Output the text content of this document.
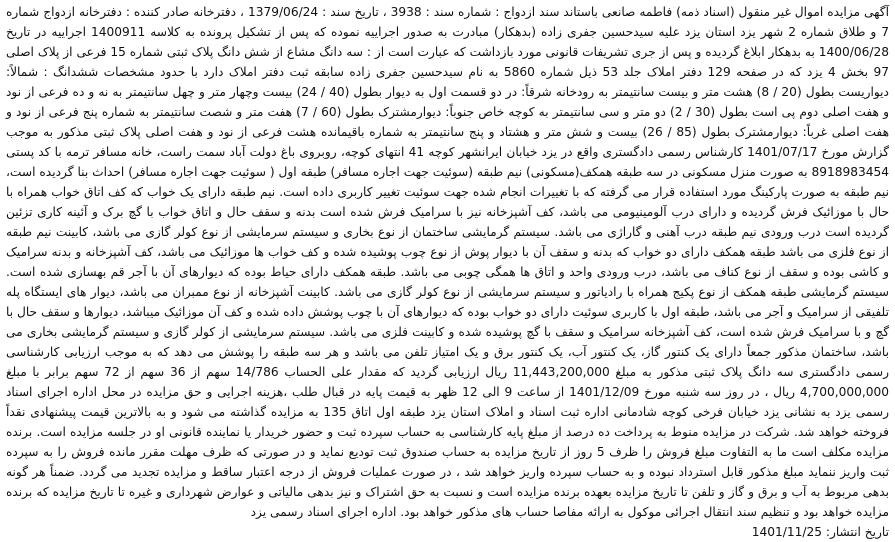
آگهی مزایده اموال غیر منقول (اسناد ذمه) فاطمه صانعی باستاند سند ازدواج : شماره سند : 3938 ، تاریخ سند : 1379/06/24 ، دفترخانه صادر کننده : دفترخانه ازدواج شماره 7 و طلاق شماره 2 شهر یزد استان یزد علیه سیدحسین جفری زاده (بدهکار) مبادرت به صدور اجراییه نموده که پس از تشکیل پرونده به کلاسه 1400911 اجراییه در تاریخ 1400/06/28 به بدهکار ابلاغ گردیده و پس از جری تشریفات قانونی مورد بازداشت که عبارت است از : سه دانگ مشاع از شش دانگ پلاک ثبتی شماره 15 فرعی از پلاک اصلی 97 بخش 4 یزد که در صفحه 129 دفتر املاک جلد 53 ذیل شماره 5860 به نام سیدحسین جفری زاده سابقه ثبت دفتر املاک دارد با حدود مشخصات ششدانگ : شمالاً: دیواریست بطول (20 / 8) هشت متر و بیست سانتیمتر به رودخانه شرقاً: در دو قسمت اول به دیوار بطول (40 / 24) بیست وچهار متر و چهل سانتیمتر به نه و ده فرعی از نود و هفت اصلی دوم پی است بطول (30 / 2) دو متر و سی سانتیمتر به کوچه خاص جنوباً: دیوارمشترک بطول (60 / 7) هفت متر و شصت سانتیمتر به شماره پنج فرعی از نود و هفت اصلی غرباً: دیوارمشترک بطول (85 / 26) بیست و شش متر و هشتاد و پنج سانتیمتر به شماره باقیمانده هشت فرعی از نود و هفت اصلی پلاک ثبتی مذکور به موجب گزارش مورخ 1401/07/17 کارشناس رسمی دادگستری واقع در یزد خیابان ایرانشهر کوچه 41 انتهای کوچه، روبروی باغ دولت آباد سمت راست، خانه مسافر ترمه با کد پستی 8918983454 به صورت منزل مسکونی در سه طبقه همکف(مسکونی) نیم طبقه (سوئیت جهت اجاره مسافر) طبقه اول ( سوئیت جهت اجاره مسافر) احداث بنا گردیده است، نیم طبقه به صورت پارکینگ مورد استفاده قرار می گرفته که با تغییرات انجام شده جهت سوئیت تغییر کاربری داده است. نیم طبقه دارای یک خواب که کف اتاق خواب همراه با حال با موزائیک فرش گردیده و دارای درب آلومینیومی می باشد، کف آشپزخانه نیز با سرامیک فرش شده است بدنه و سقف حال و اتاق خواب با گچ برک و آئینه کاری تزئین گردیده است درب ورودی نیم طبقه درب آهنی و گاراژی می باشد. سیستم گرمایشی ساختمان از نوع بخاری و سیستم سرمایشی از نوع کولر گازی می باشد، کابینت نیم طبقه از نوع فلزی می باشد طبقه همکف دارای دو خواب که بدنه و سقف آن با دیوار پوش از نوع چوب پوشیده شده و کف خواب ها موزائیک می باشد، کف آشپزخانه و بدنه سرامیک و کاشی بوده و سقف از نوع کناف می باشد، درب ورودی واحد و اتاق ها همگی چوبی می باشد. طبقه همکف دارای حیاط بوده که دیوارهای آن با آجر قم بهسازی شده است. سیستم گرمایشی طبقه همکف از نوع پکیج همراه با رادیاتور و سیستم سرمایشی از نوع کولر گازی می باشد. کابینت آشپزخانه از نوع ممبران می باشد، دیوار های ایستگاه پله تلفیقی از سرامیک و آجر می باشد، طبقه اول با کاربری سوئیت دارای دو خواب بوده که دیوارهای آن با چوب پوشش داده شده و کف آن موزائیک میباشد، دیوارها و سقف حال با گچ و با سرامیک فرش شده است، کف آشپزخانه سرامیک و سقف با گچ پوشیده شده و کابینت فلزی می باشد. سیستم سرمایشی از کولر گازی و سیستم گرمایشی بخاری می باشد، ساختمان مذکور جمعاً دارای یک کنتور گاز، یک کنتور آب، یک کنتور برق و یک امتیاز تلفن می باشد و هر سه طبقه را پوشش می دهد که به موجب ارزیابی کارشناسی رسمی دادگستری سه دانگ پلاک ثبتی مذکور به مبلغ 11,443,200,000 ریال ارزیابی گردید که مقدار علی الحساب 14/786 سهم از 36 سهم از 72 سهم برابر با مبلغ 4,700,000,000 ریال ، در روز سه شنبه مورخ 1401/12/09 از ساعت 9 الی 12 ظهر به قیمت پایه در قبال طلب ،هزینه اجرایی و حق مزایده در محل اداره اجرای اسناد رسمی یزد به نشانی یزد خیابان فرخی کوچه شادمانی اداره ثبت اسناد و املاک استان یزد طبقه اول اتاق 135 به مزایده گذاشته می شود و به بالاترین قیمت پیشنهادی نقداً فروخته خواهد شد. شرکت در مزایده منوط به پرداخت ده درصد از مبلغ پایه کارشناسی به حساب سپرده ثبت و حضور خریدار یا نماینده قانونی او در جلسه مزایده است. برنده مزایده مکلف است ما به التفاوت مبلغ فروش را ظرف 5 روز از تاریخ مزایده به حساب صندوق ثبت تودیع نماید و در صورتی که ظرف مهلت مقرر مانده فروش را به سپرده ثبت واریز ننماید مبلغ مذکور قابل استرداد نبوده و به حساب سپرده واریز خواهد شد ، در صورت عملیات فروش از درجه اعتبار ساقط و مزایده تجدید می گردد. ضمناً هر گونه بدهی مربوط به آب و برق و گاز و تلفن تا تاریخ مزایده بعهده برنده مزایده است و نسبت به حق اشتراک و نیز بدهی مالیاتی و عوارض شهرداری و غیره تا تاریخ مزایده که برنده مزایده خواهد بود و تنظیم سند انتقال اجرائی موکول به ارائه مفاصا حساب های مذکور خواهد بود. اداره اجرای اسناد رسمی یزد
تاریخ انتشار: 1401/11/25
